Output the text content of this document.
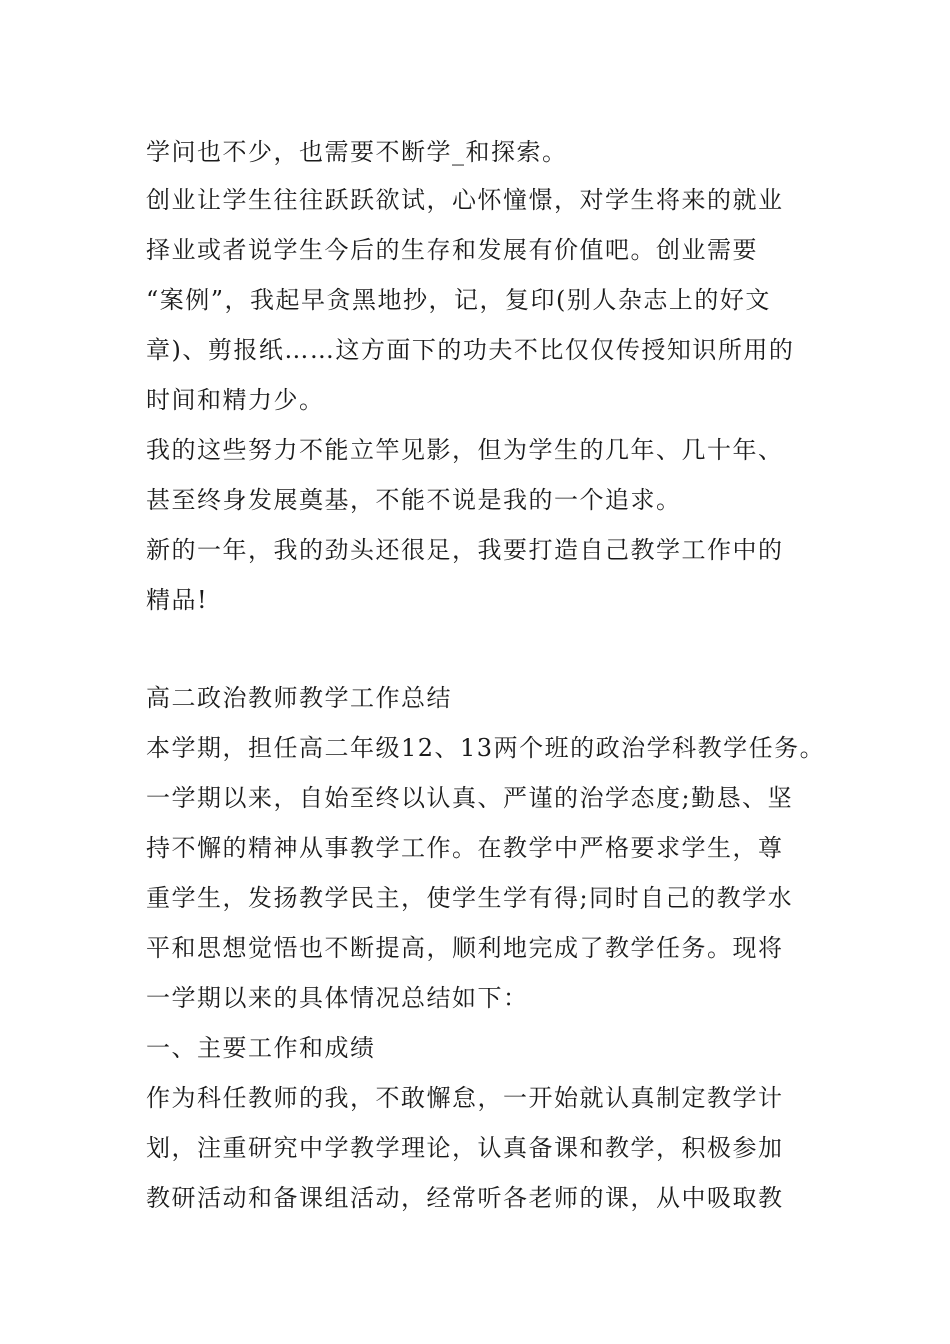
学问也不少，也需要不断学_和探索。
创业让学生往往跃跃欲试，心怀憧憬，对学生将来的就业
择业或者说学生今后的生存和发展有价值吧。创业需要
“案例”，我起早贪黑地抄，记，复印(别人杂志上的好文
章)、剪报纸……这方面下的功夫不比仅仅传授知识所用的
时间和精力少。
我的这些努力不能立竿见影，但为学生的几年、几十年、
甚至终身发展奠基，不能不说是我的一个追求。
新的一年，我的劲头还很足，我要打造自己教学工作中的
精品!
高二政治教师教学工作总结
本学期，担任高二年级12、13两个班的政治学科教学任务。
一学期以来，自始至终以认真、严谨的治学态度;勤恳、坚
持不懈的精神从事教学工作。在教学中严格要求学生，尊
重学生，发扬教学民主，使学生学有得;同时自己的教学水
平和思想觉悟也不断提高，顺利地完成了教学任务。现将
一学期以来的具体情况总结如下：
一、主要工作和成绩
作为科任教师的我，不敢懈怠，一开始就认真制定教学计
划，注重研究中学教学理论，认真备课和教学，积极参加
教研活动和备课组活动，经常听各老师的课，从中吸取教
